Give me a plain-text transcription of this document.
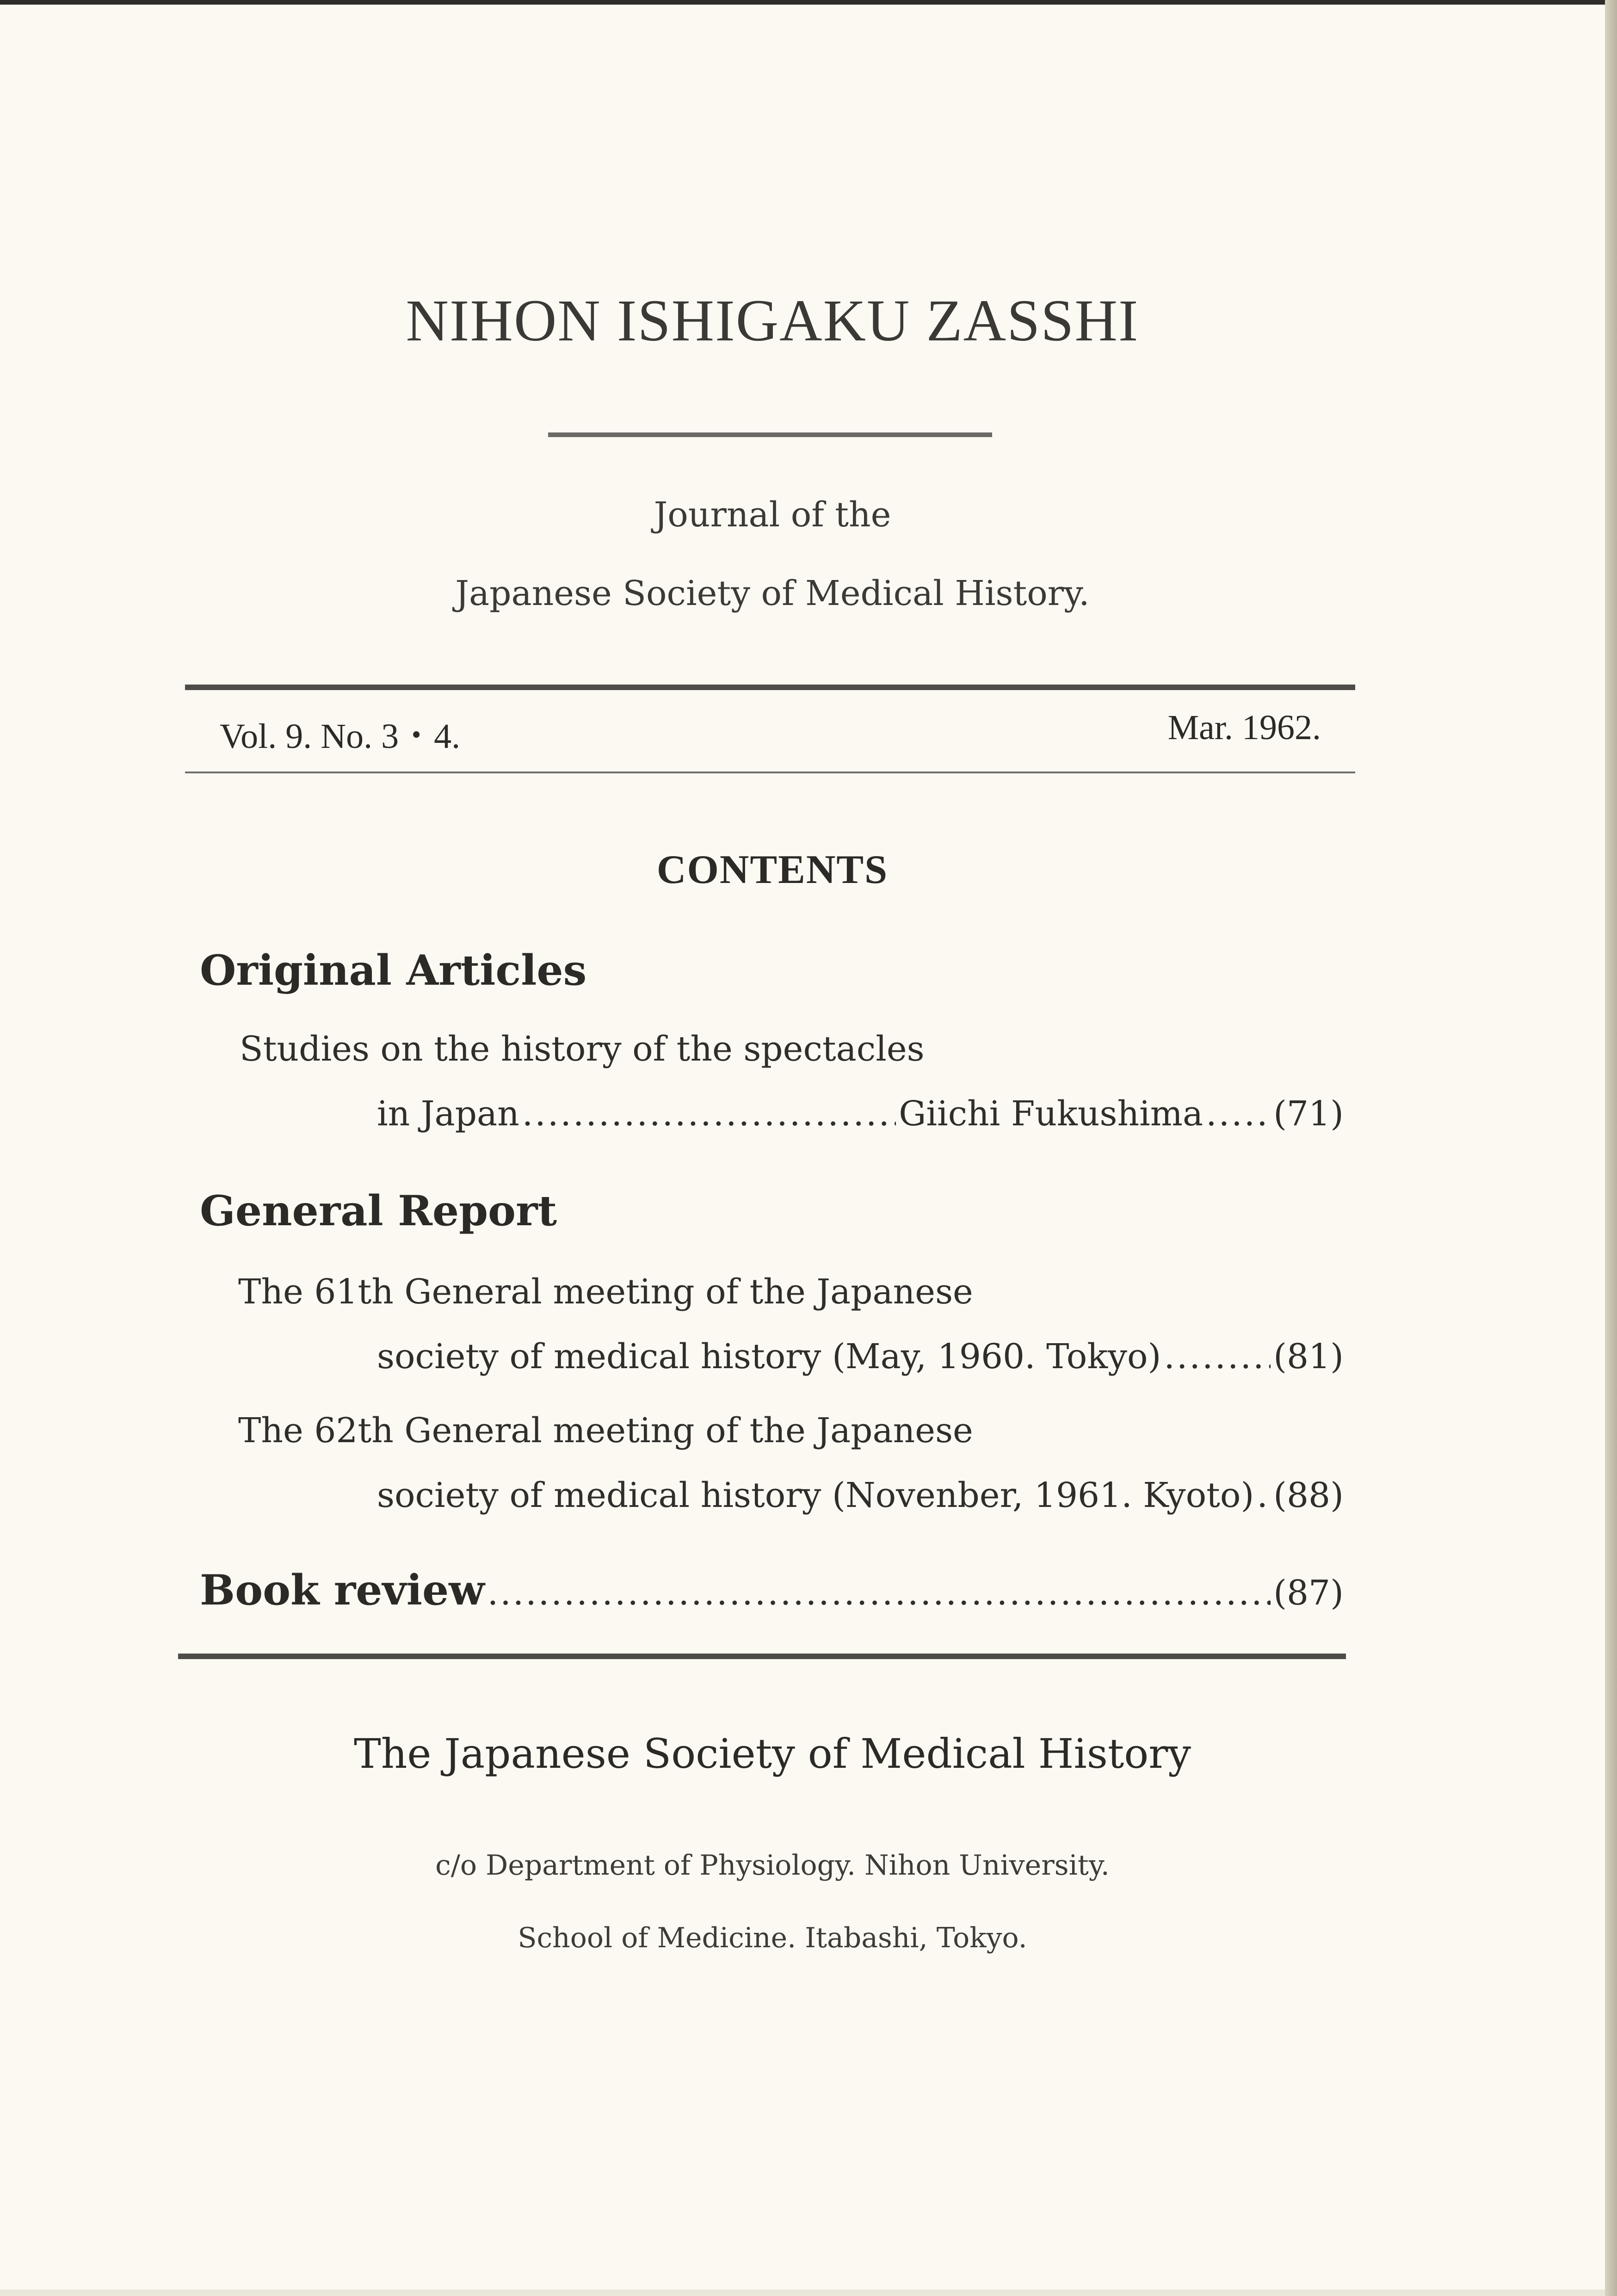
NIHON ISHIGAKU ZASSHI
Journal of the
Japanese Society of Medical History.
Vol. 9. No. 3・4.	Mar. 1962.
CONTENTS
Original Articles
Studies on the history of the spectacles
in Japan .....	Giichi Fukushima ..... (71)
General Report
The 61th General meeting of the Japanese
society of medical history (May, 1960. Tokyo) .....	(81)
The 62th General meeting of the Japanese
society of medical history (Novenber, 1961. Kyoto) ..... (88)
Book review .....	(87)
The Japanese Society of Medical History
c/o Department of Physiology. Nihon University.
School of Medicine. Itabashi, Tokyo.
